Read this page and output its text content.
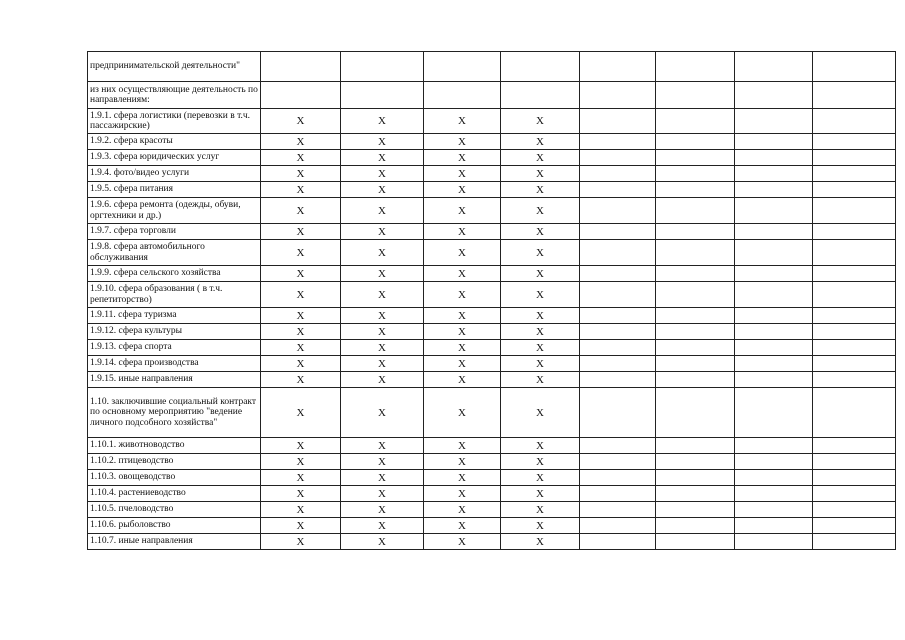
предпринимательской деятельности"								
из них осуществляющие деятельность по направлениям:								
1.9.1. сфера логистики (перевозки в т.ч. пассажирские)	X	X	X	X				
1.9.2. сфера красоты	X	X	X	X				
1.9.3. сфера юридических услуг	X	X	X	X				
1.9.4. фото/видео услуги	X	X	X	X				
1.9.5. сфера питания	X	X	X	X				
1.9.6. сфера ремонта (одежды, обуви, оргтехники и др.)	X	X	X	X				
1.9.7. сфера торговли	X	X	X	X				
1.9.8. сфера автомобильного обслуживания	X	X	X	X				
1.9.9. сфера сельского хозяйства	X	X	X	X				
1.9.10. сфера образования ( в т.ч. репетиторство)	X	X	X	X				
1.9.11. сфера туризма	X	X	X	X				
1.9.12. сфера культуры	X	X	X	X				
1.9.13. сфера спорта	X	X	X	X				
1.9.14. сфера производства	X	X	X	X				
1.9.15. иные направления	X	X	X	X				
1.10. заключившие социальный контракт по основному мероприятию "ведение личного подсобного хозяйства"	X	X	X	X				
1.10.1. животноводство	X	X	X	X				
1.10.2. птицеводство	X	X	X	X				
1.10.3. овощеводство	X	X	X	X				
1.10.4. растениеводство	X	X	X	X				
1.10.5. пчеловодство	X	X	X	X				
1.10.6. рыболовство	X	X	X	X				
1.10.7. иные направления	X	X	X	X				
